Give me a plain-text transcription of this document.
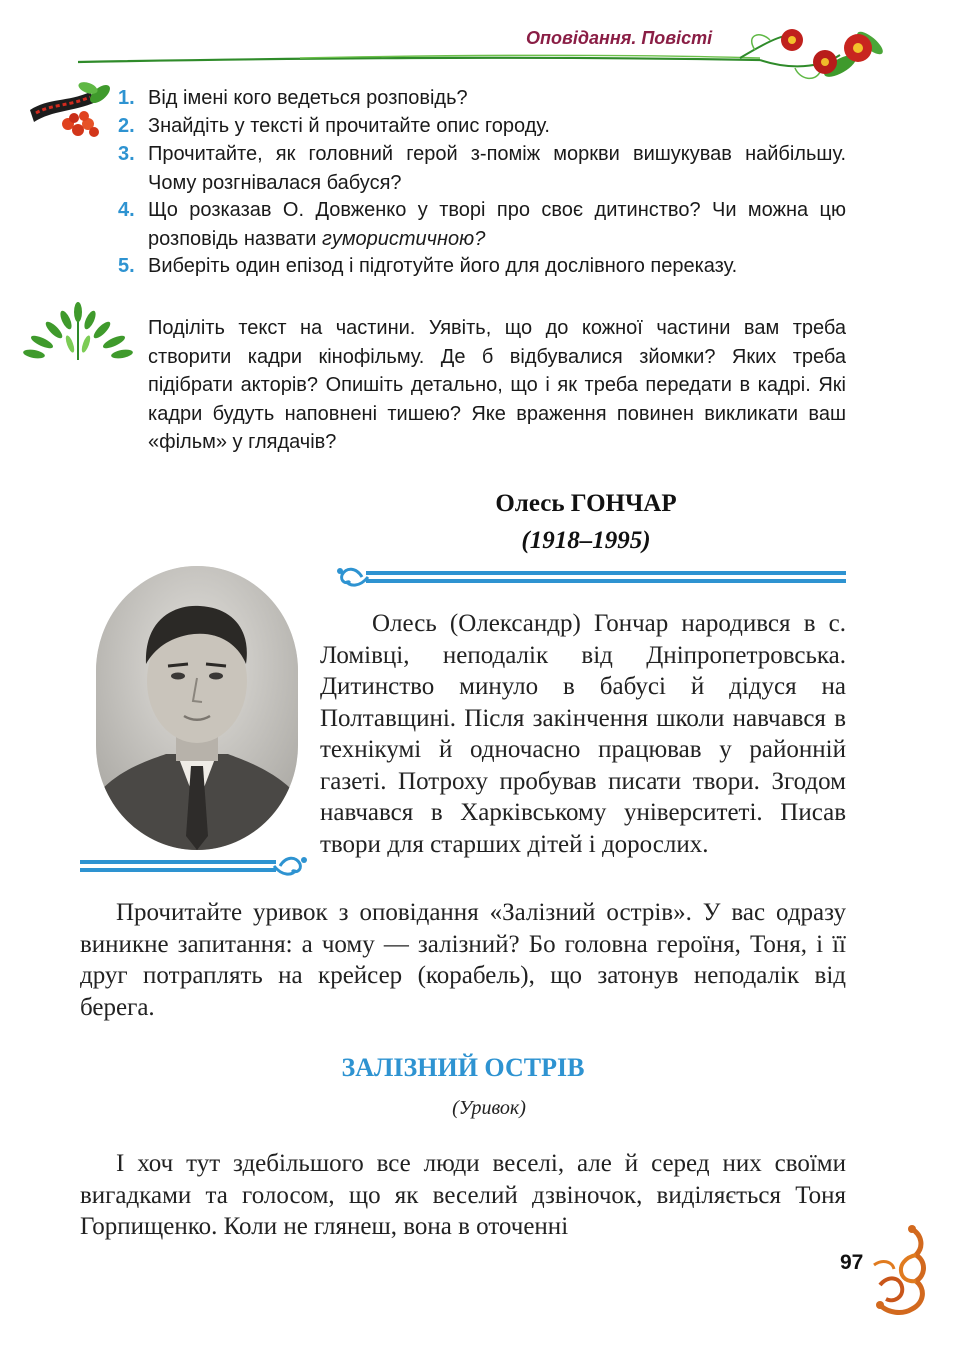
Оповідання. Повісті
1. Від імені кого ведеться розповідь?
2. Знайдіть у тексті й прочитайте опис городу.
3. Прочитайте, як головний герой з-поміж моркви вишукував найбільшу. Чому розгнівалася бабуся?
4. Що розказав О. Довженко у творі про своє дитинство? Чи можна цю розповідь назвати гумористичною?
5. Виберіть один епізод і підготуйте його для дослівного переказу.
Поділіть текст на частини. Уявіть, що до кожної частини вам треба створити кадри кінофільму. Де б відбувалися зйомки? Яких треба підібрати акторів? Опишіть детально, що і як треба передати в кадрі. Які кадри будуть наповнені тишею? Яке враження повинен викликати ваш «фільм» у глядачів?
Олесь ГОНЧАР
(1918–1995)
Олесь (Олександр) Гончар народився в с. Ломівці, неподалік від Дніпропетровська. Дитинство минуло в бабусі й дідуся на Полтавщині. Після закінчення школи навчався в технікумі й одночасно працював у районній газеті. Потроху пробував писати твори. Згодом навчався в Харківському університеті. Писав твори для старших дітей і дорослих.
Прочитайте уривок з оповідання «Залізний острів». У вас одразу виникне запитання: а чому — залізний? Бо головна героїня, Тоня, і її друг потраплять на крейсер (корабель), що затонув неподалік від берега.
ЗАЛІЗНИЙ ОСТРІВ
(Уривок)
І хоч тут здебільшого все люди веселі, але й серед них своїми вигадками та голосом, що як веселий дзвіночок, виділяється Тоня Горпищенко. Коли не глянеш, вона в оточенні
97
